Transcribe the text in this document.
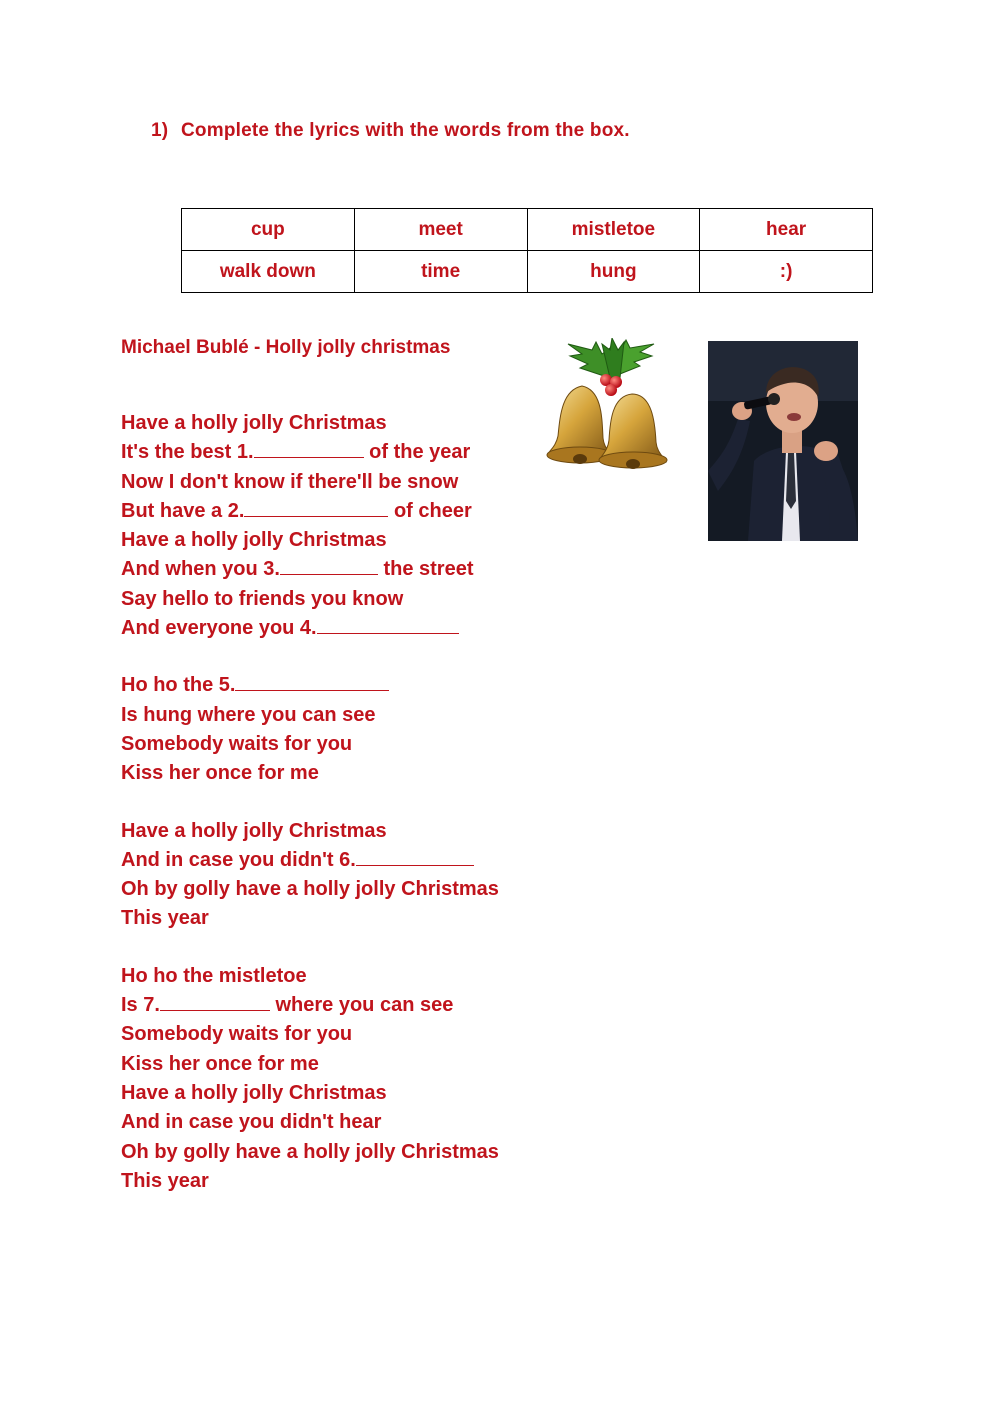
1) Complete the lyrics with the words from the box.
cup	meet	mistletoe	hear
walk down	time	hung	:)
Michael Bublé - Holly jolly christmas
Have a holly jolly Christmas
It's the best 1.	of the year
Now I don't know if there'll be snow
But have a 2.	of cheer
Have a holly jolly Christmas
And when you 3.	the street
Say hello to friends you know
And everyone you 4.
Ho ho the 5.
Is hung where you can see
Somebody waits for you
Kiss her once for me
Have a holly jolly Christmas
And in case you didn't 6.
Oh by golly have a holly jolly Christmas
This year
Ho ho the mistletoe
Is 7.	where you can see
Somebody waits for you
Kiss her once for me
Have a holly jolly Christmas
And in case you didn't hear
Oh by golly have a holly jolly Christmas
This year
